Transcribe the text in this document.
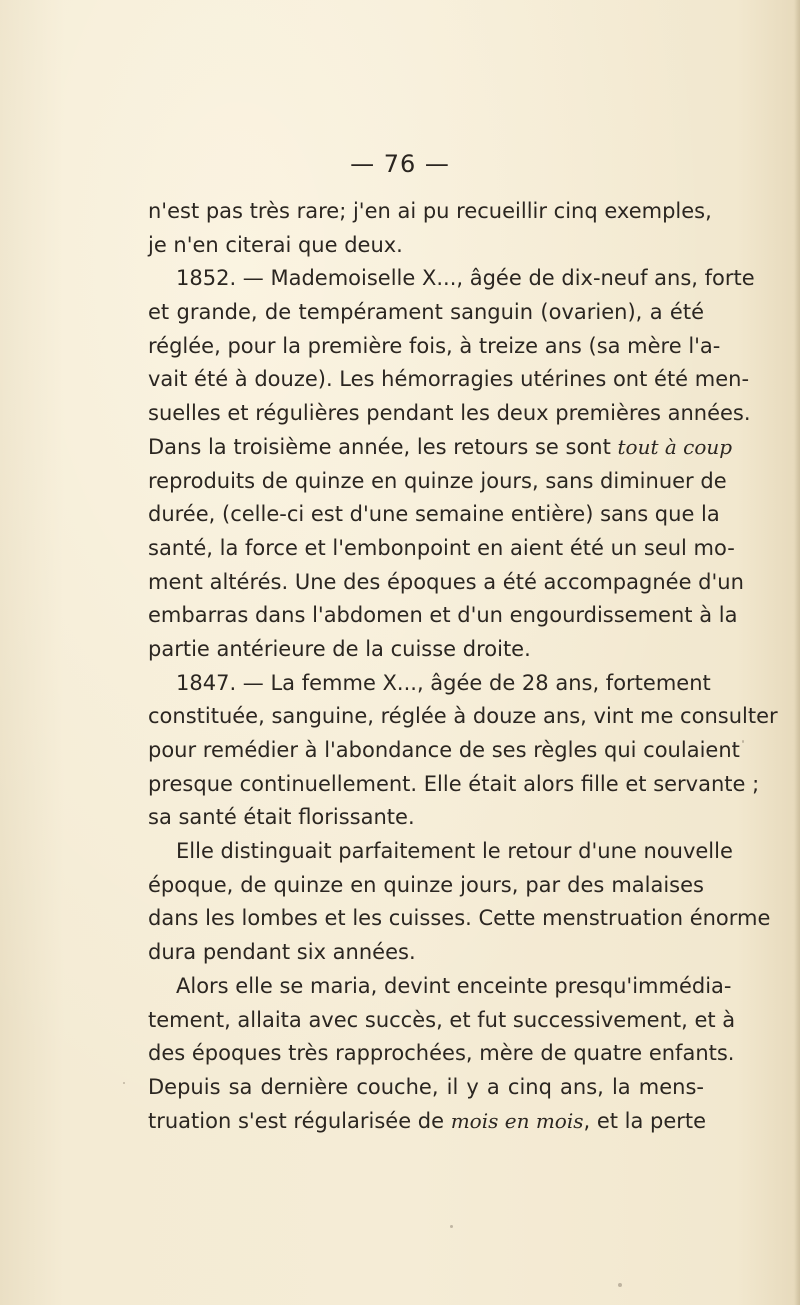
— 76 —
n'est pas très rare; j'en ai pu recueillir cinq exemples,
je n'en citerai que deux.
1852. — Mademoiselle X..., âgée de dix-neuf ans, forte
et grande, de tempérament sanguin (ovarien), a été
réglée, pour la première fois, à treize ans (sa mère l'a-
vait été à douze). Les hémorragies utérines ont été men-
suelles et régulières pendant les deux premières années.
Dans la troisième année, les retours se sont tout à coup
reproduits de quinze en quinze jours, sans diminuer de
durée, (celle-ci est d'une semaine entière) sans que la
santé, la force et l'embonpoint en aient été un seul mo-
ment altérés. Une des époques a été accompagnée d'un
embarras dans l'abdomen et d'un engourdissement à la
partie antérieure de la cuisse droite.
1847. — La femme X..., âgée de 28 ans, fortement
constituée, sanguine, réglée à douze ans, vint me consulter
pour remédier à l'abondance de ses règles qui coulaient
presque continuellement. Elle était alors fille et servante ;
sa santé était florissante.
Elle distinguait parfaitement le retour d'une nouvelle
époque, de quinze en quinze jours, par des malaises
dans les lombes et les cuisses. Cette menstruation énorme
dura pendant six années.
Alors elle se maria, devint enceinte presqu'immédia-
tement, allaita avec succès, et fut successivement, et à
des époques très rapprochées, mère de quatre enfants.
Depuis sa dernière couche, il y a cinq ans, la mens-
truation s'est régularisée de mois en mois, et la perte
